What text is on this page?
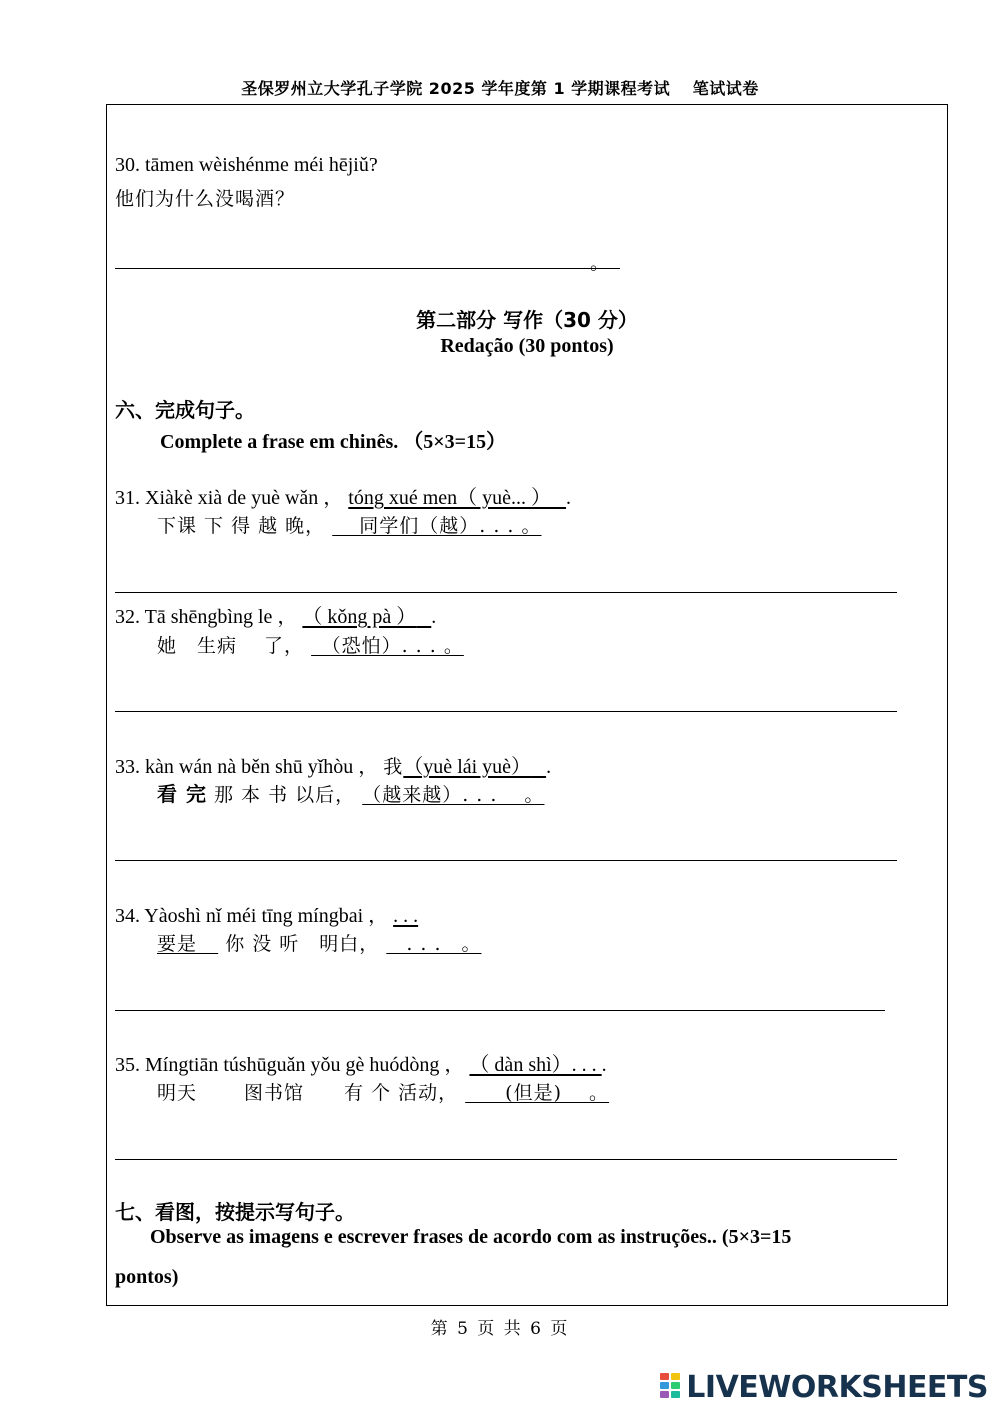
圣保罗州立大学孔子学院 2025 学年度第 1 学期课程考试　 笔试试卷
30. tāmen wèishénme méi hējiǔ?
他们为什么没喝酒？
。
第二部分 写作（30 分）
Redação (30 pontos)
六、完成句子。
Complete a frase em chinês. （5×3=15）
31. Xiàkè xià de yuè wǎn ， tóng xué men（ yuè... ） .
下课 下 得 越 晚， 　 同学们（越）. . . 。
32. Tā shēngbìng le ， （ kǒng pà ） .
她　生病　 了， 　（恐怕）. . . 。
33. kàn wán nà běn shū yǐhòu ， 我（yuè lái yuè） .
看 完 那 本 书 以后， （越来越）. . .　 。
34. Yàoshì nǐ méi tīng míngbai ， . . .
要是 你 没 听　明白， 　. . .　。
35. Míngtiān túshūguǎn yǒu gè huódòng ， （ dàn shì）. . . .
明天　　 图书馆　　有 个 活动， 　　(但是)　 。
七、看图，按提示写句子。
Observe as imagens e escrever frases de acordo com as instruções.. (5×3=15
pontos)
第 5 页 共 6 页
LIVEWORKSHEETS
